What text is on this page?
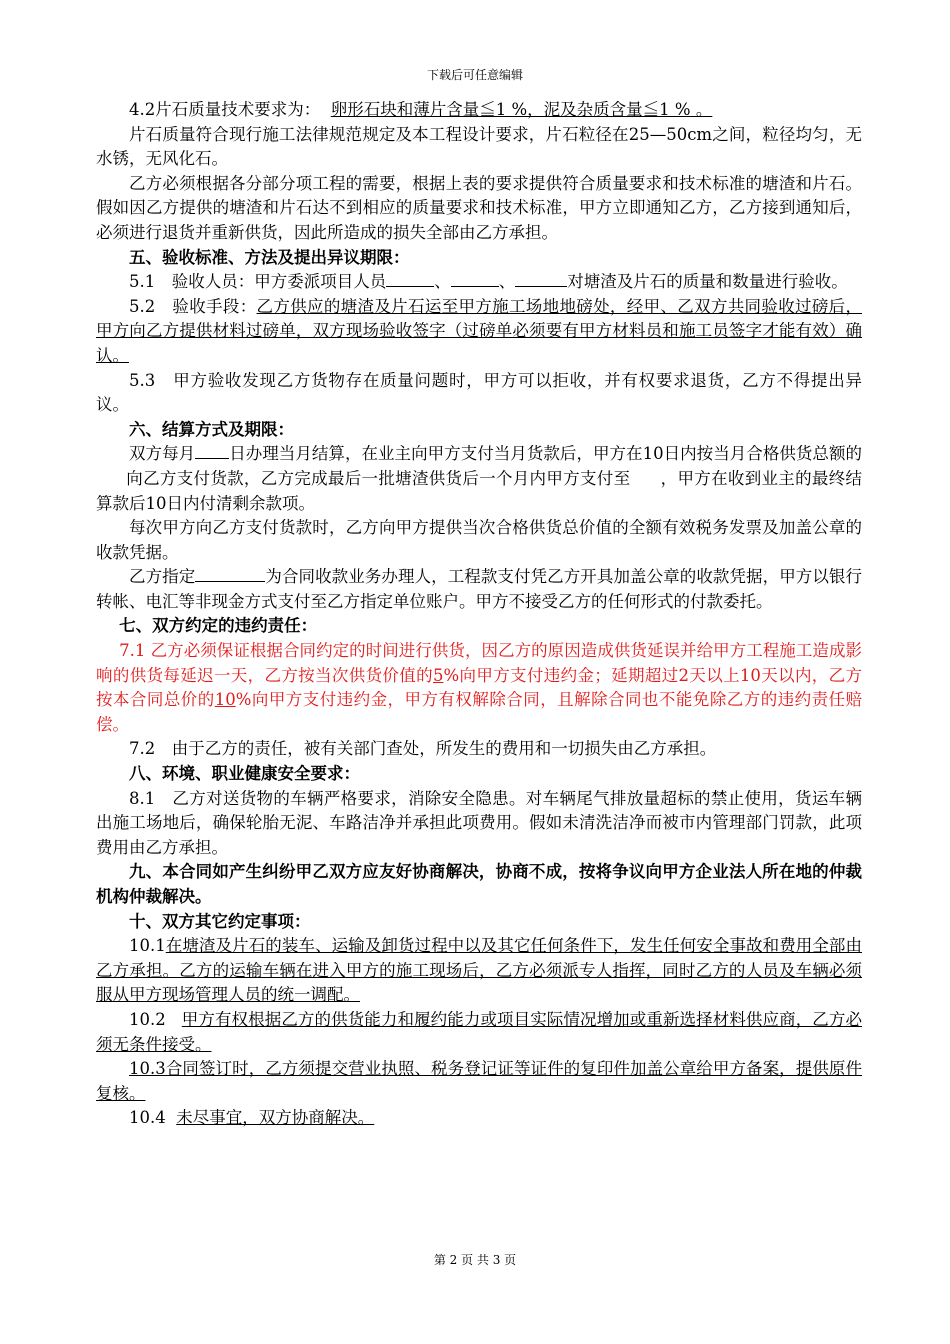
下载后可任意编辑

4.2片石质量技术要求为： 卵形石块和薄片含量≦1 %，泥及杂质含量≦1 % 。

片石质量符合现行施工法律规范规定及本工程设计要求，片石粒径在25—50cm之间，粒径均匀，无水锈，无风化石。

乙方必须根据各分部分项工程的需要，根据上表的要求提供符合质量要求和技术标准的塘渣和片石。假如因乙方提供的塘渣和片石达不到相应的质量要求和技术标准，甲方立即通知乙方，乙方接到通知后，必须进行退货并重新供货，因此所造成的损失全部由乙方承担。

五、验收标准、方法及提出异议期限：

5.1　验收人员：甲方委派项目人员	、	、	对塘渣及片石的质量和数量进行验收。

5.2　验收手段：乙方供应的塘渣及片石运至甲方施工场地地磅处，经甲、乙双方共同验收过磅后，甲方向乙方提供材料过磅单，双方现场验收签字（过磅单必须要有甲方材料员和施工员签字才能有效）确认。

5.3　甲方验收发现乙方货物存在质量问题时，甲方可以拒收，并有权要求退货，乙方不得提出异议。

六、结算方式及期限：

双方每月 日办理当月结算，在业主向甲方支付当月货款后，甲方在10日内按当月合格供货总额的向乙方支付货款，乙方完成最后一批塘渣供货后一个月内甲方支付至 ，甲方在收到业主的最终结算款后10日内付清剩余款项。

每次甲方向乙方支付货款时，乙方向甲方提供当次合格供货总价值的全额有效税务发票及加盖公章的收款凭据。

乙方指定	为合同收款业务办理人，工程款支付凭乙方开具加盖公章的收款凭据，甲方以银行转帐、电汇等非现金方式支付至乙方指定单位账户。甲方不接受乙方的任何形式的付款委托。

七、双方约定的违约责任：

7.1 乙方必须保证根据合同约定的时间进行供货，因乙方的原因造成供货延误并给甲方工程施工造成影响的供货每延迟一天，乙方按当次供货价值的5%向甲方支付违约金；延期超过2天以上10天以内，乙方按本合同总价的10%向甲方支付违约金，甲方有权解除合同，且解除合同也不能免除乙方的违约责任赔偿。

7.2　由于乙方的责任，被有关部门查处，所发生的费用和一切损失由乙方承担。

八、环境、职业健康安全要求：

8.1　乙方对送货物的车辆严格要求，消除安全隐患。对车辆尾气排放量超标的禁止使用，货运车辆出施工场地后，确保轮胎无泥、车路洁净并承担此项费用。假如未清洗洁净而被市内管理部门罚款，此项费用由乙方承担。

九、本合同如产生纠纷甲乙双方应友好协商解决，协商不成，按将争议向甲方企业法人所在地的仲裁机构仲裁解决。

十、双方其它约定事项：

10.1在塘渣及片石的装车、运输及卸货过程中以及其它任何条件下，发生任何安全事故和费用全部由乙方承担。乙方的运输车辆在进入甲方的施工现场后，乙方必须派专人指挥，同时乙方的人员及车辆必须服从甲方现场管理人员的统一调配。

10.2 甲方有权根据乙方的供货能力和履约能力或项目实际情况增加或重新选择材料供应商，乙方必须无条件接受。

10.3合同签订时，乙方须提交营业执照、税务登记证等证件的复印件加盖公章给甲方备案，提供原件复核。

10.4 未尽事宜，双方协商解决。

第 2 页 共 3 页
